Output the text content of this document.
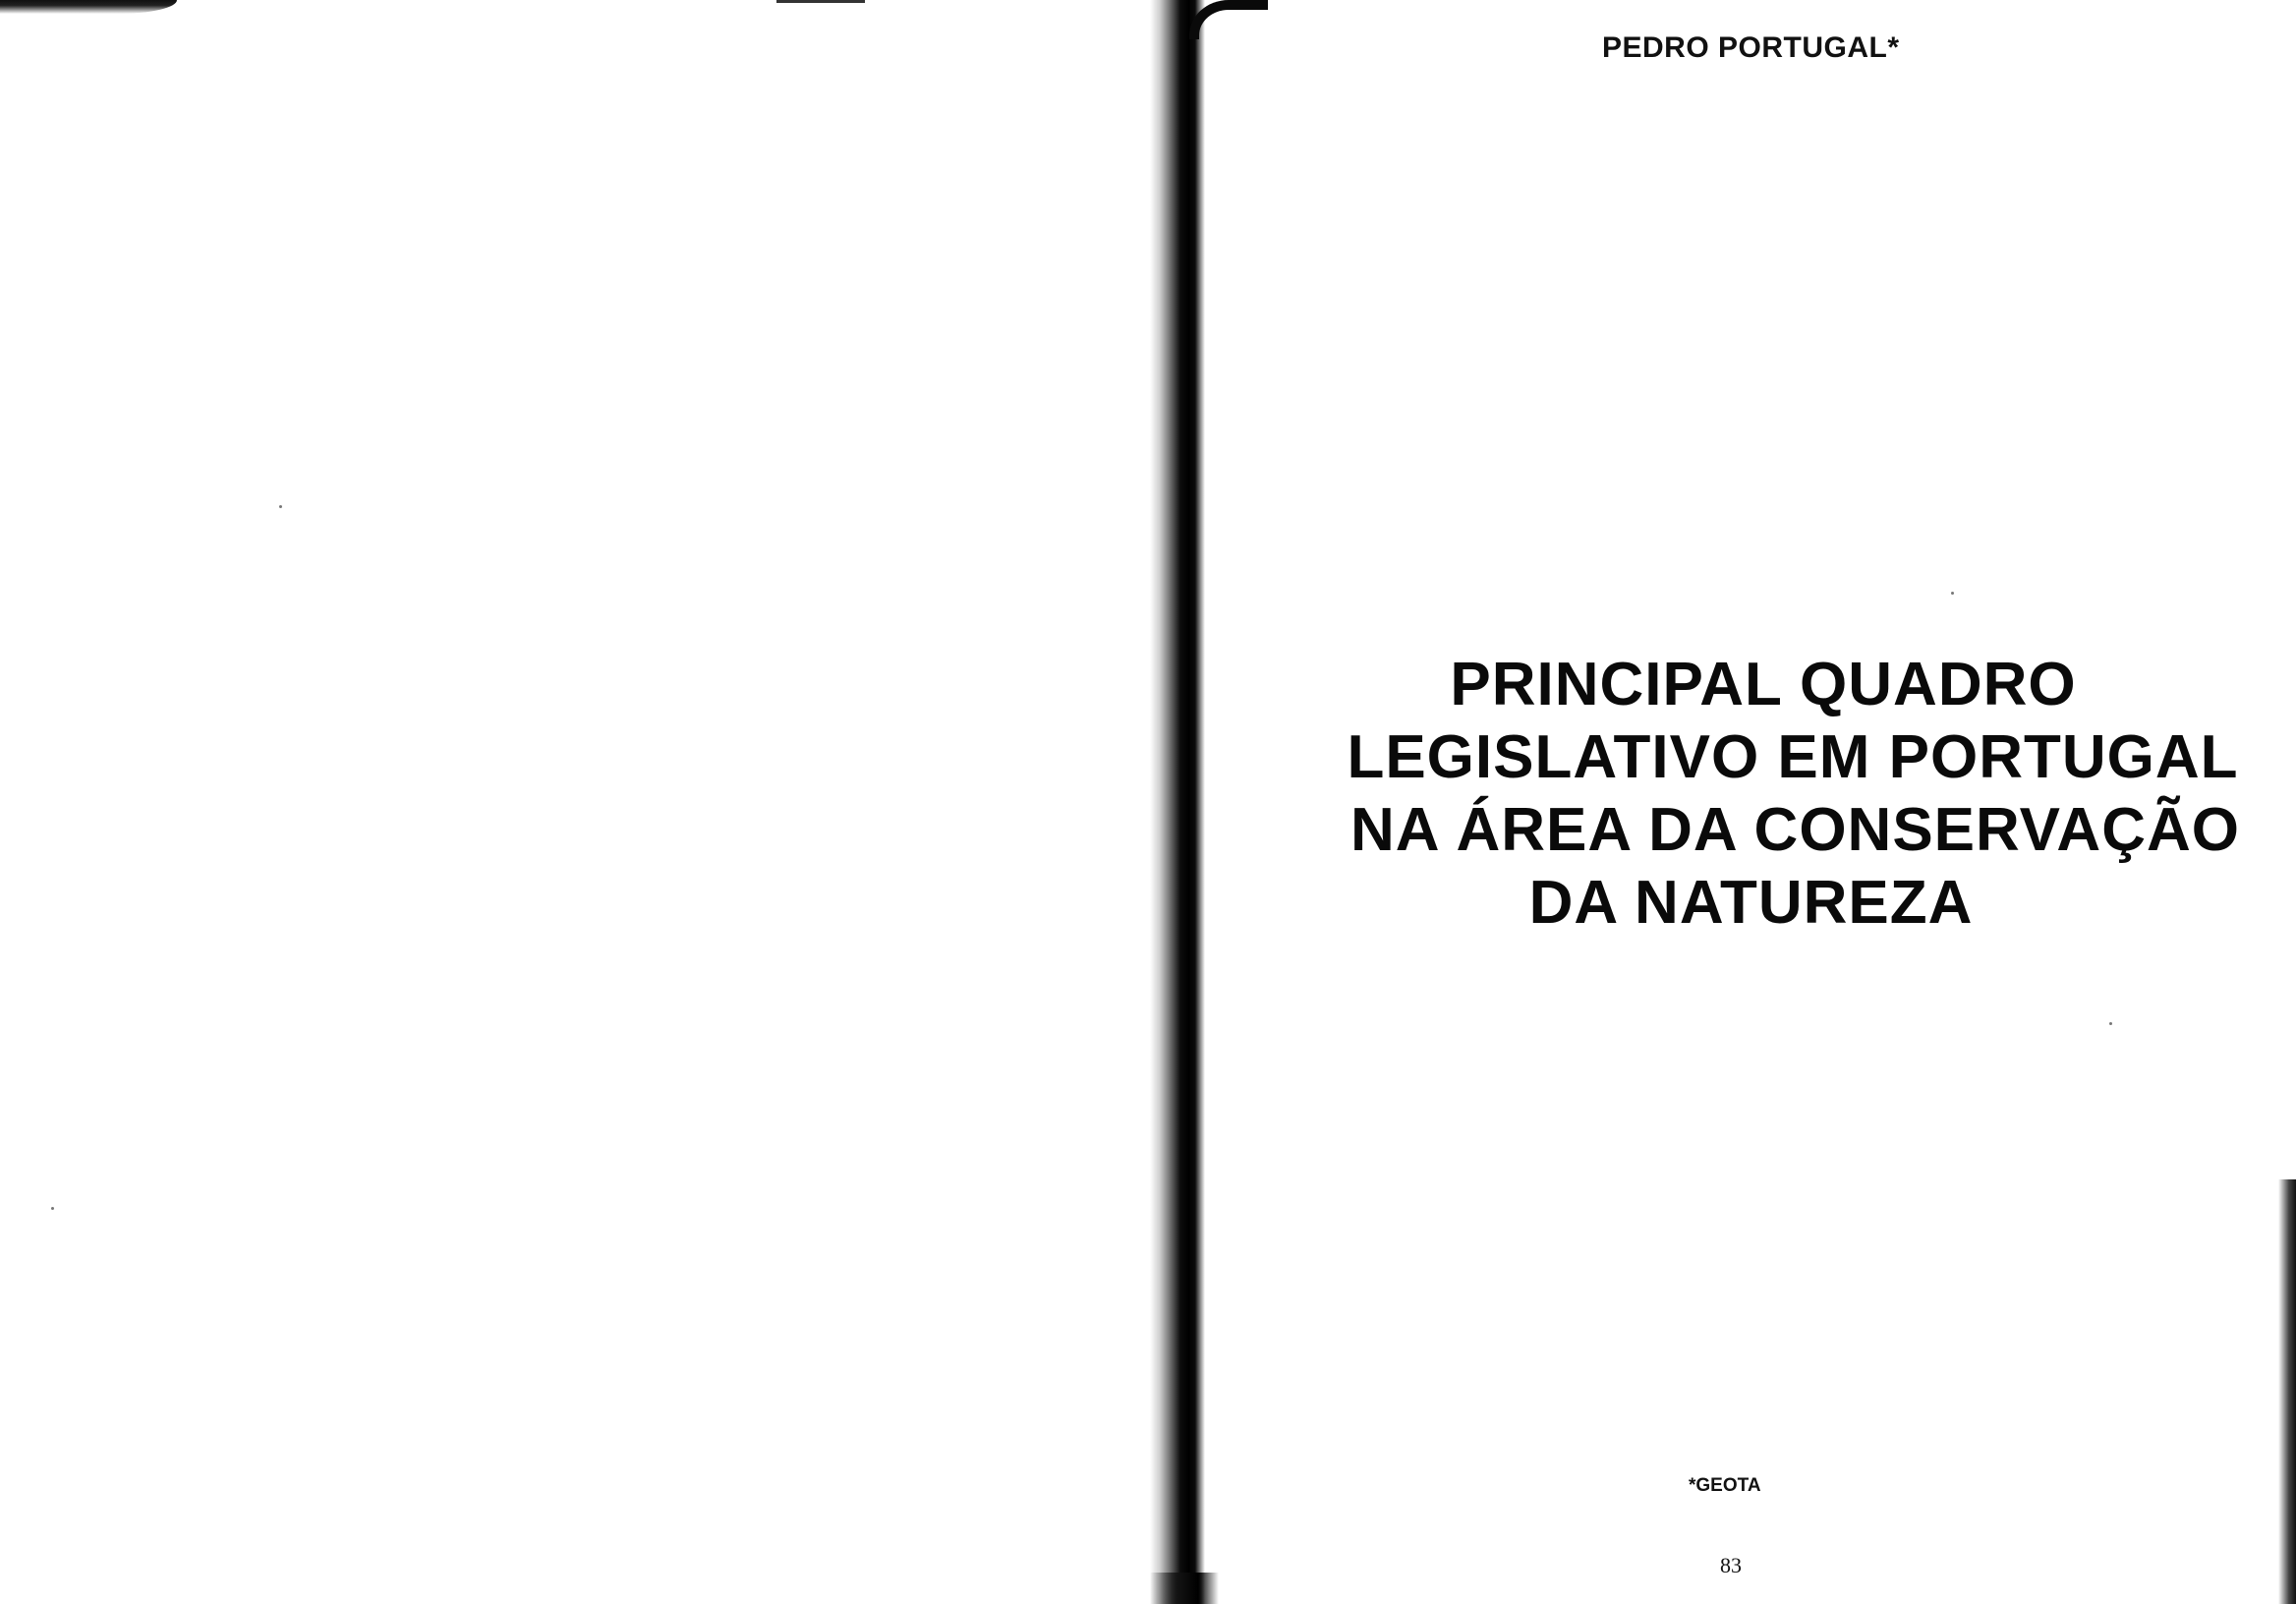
PEDRO PORTUGAL*
PRINCIPAL QUADRO
LEGISLATIVO EM PORTUGAL
NA ÁREA DA CONSERVAÇÃO
DA NATUREZA
*GEOTA
83
